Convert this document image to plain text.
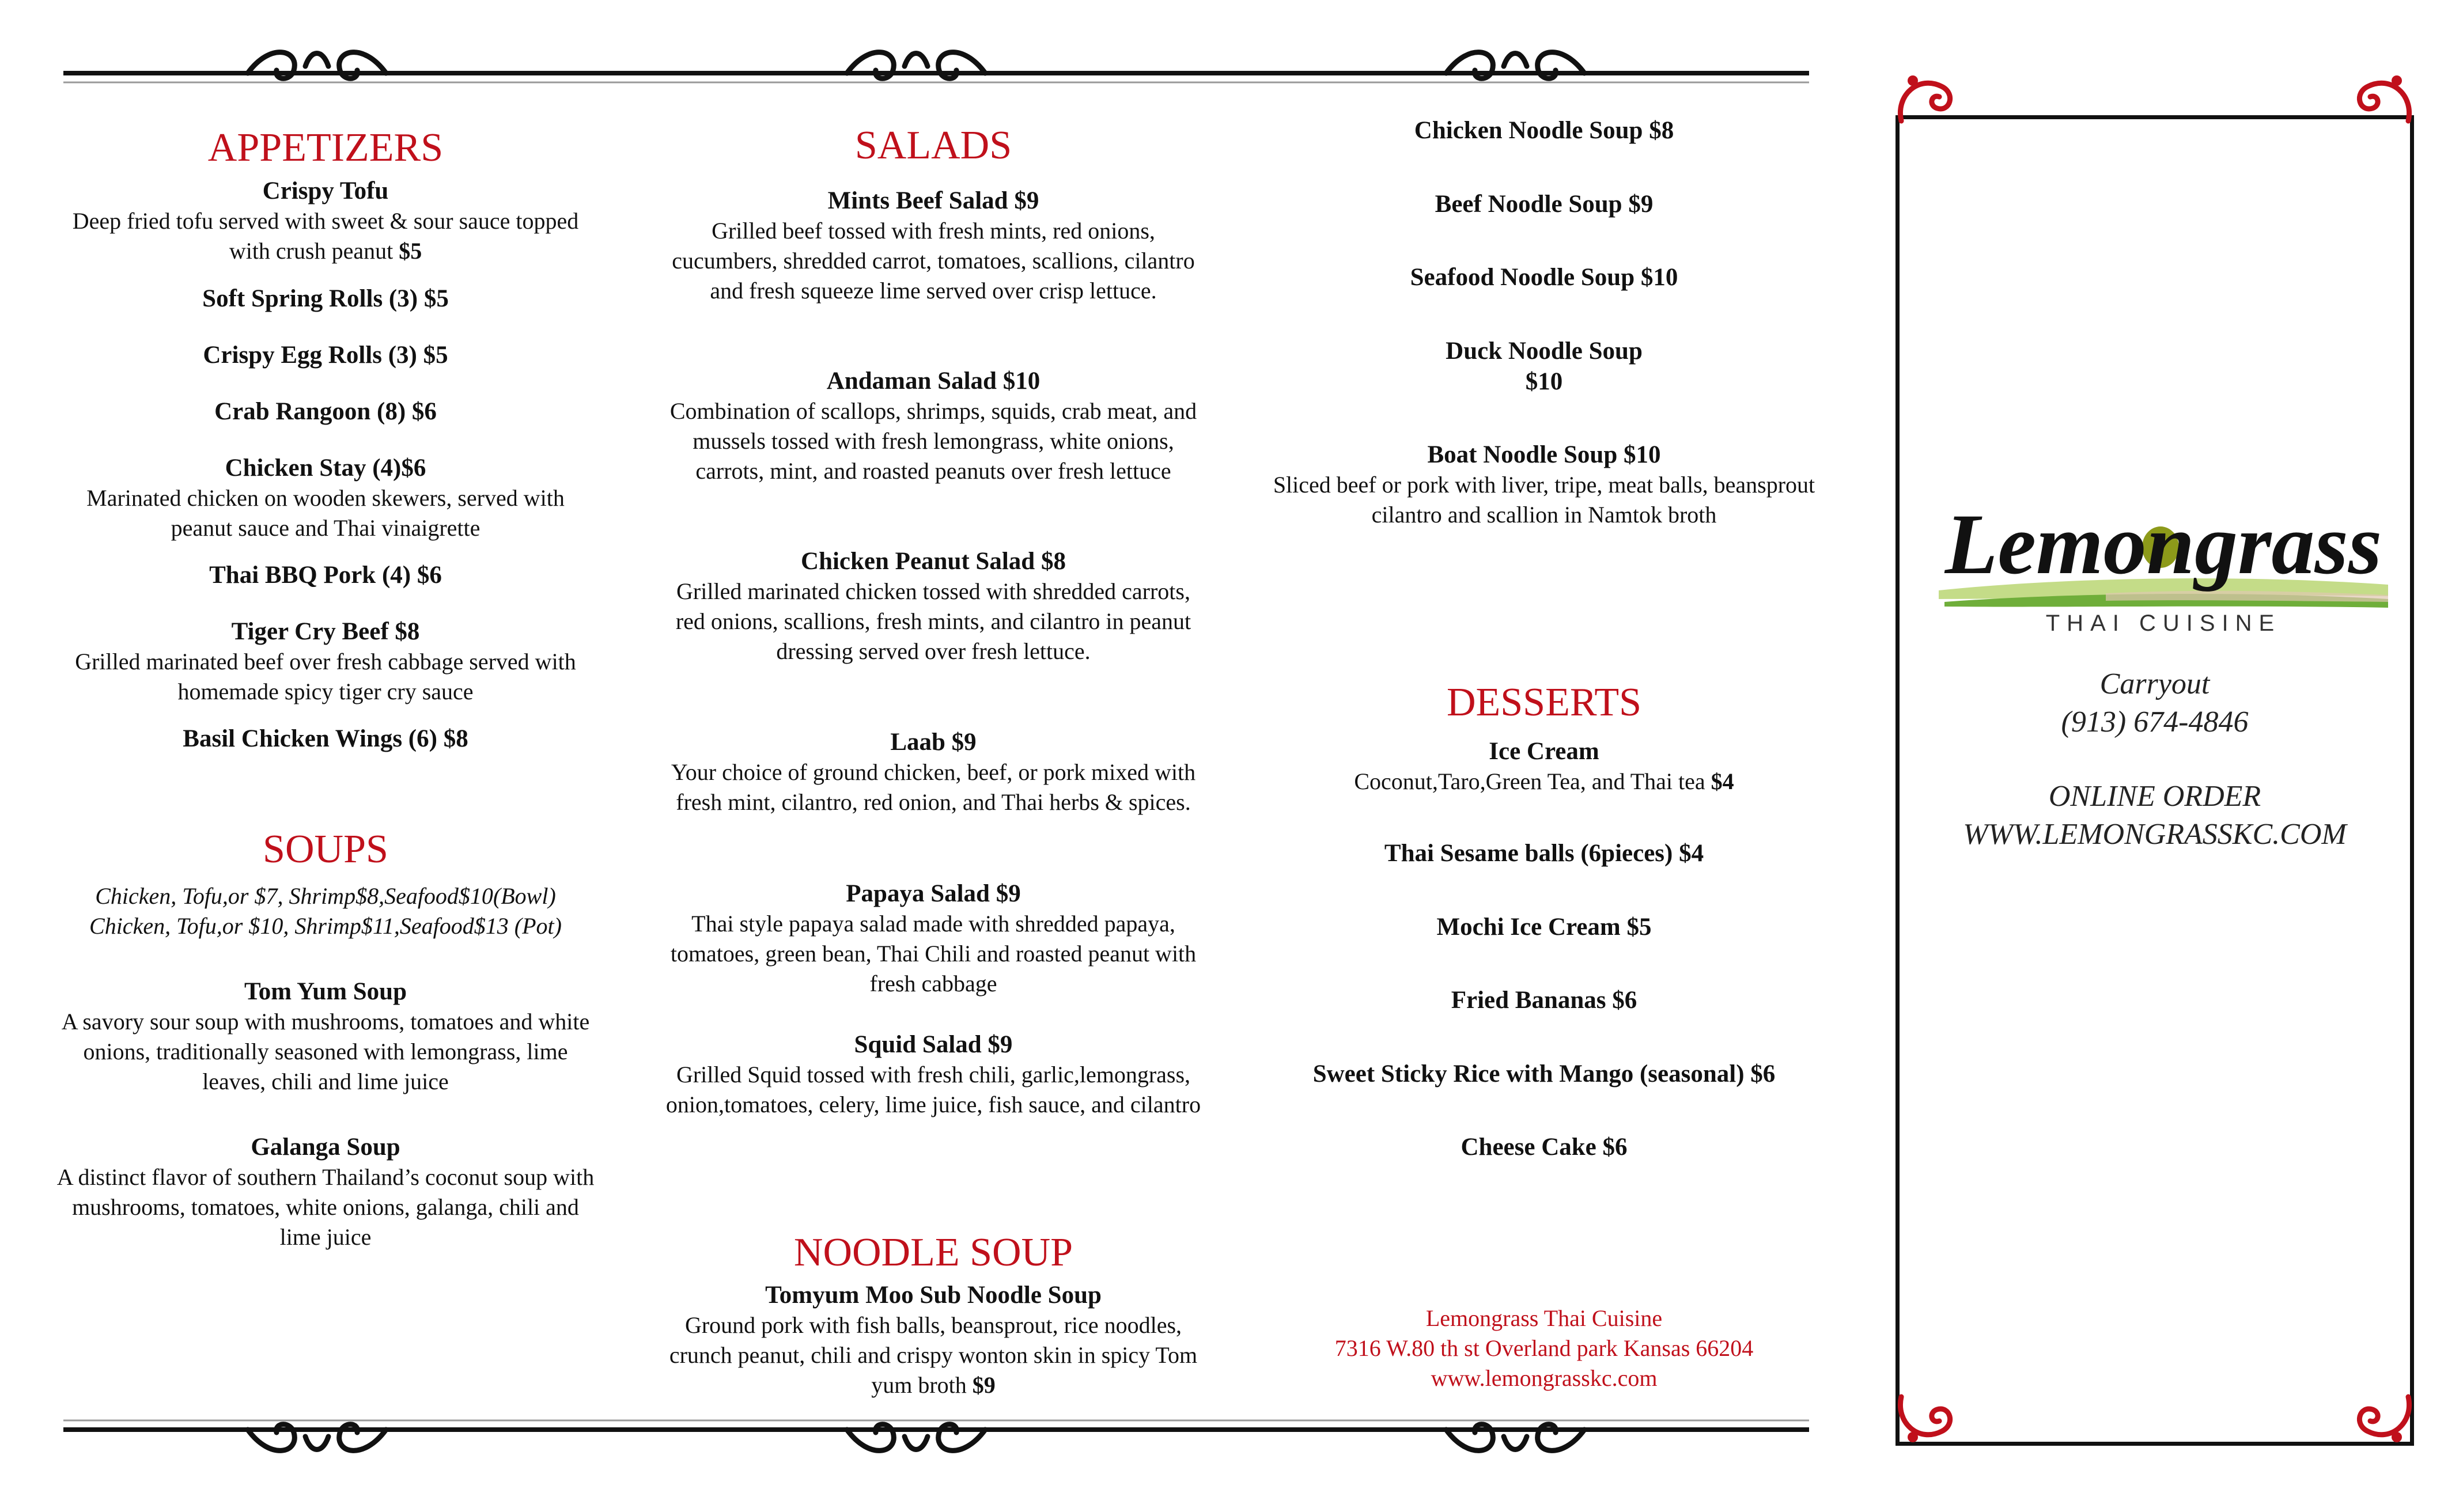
APPETIZERS
Crispy Tofu
Deep fried tofu served with sweet & sour sauce topped with crush peanut $5
Soft Spring Rolls (3) $5
Crispy Egg Rolls (3) $5
Crab Rangoon (8) $6
Chicken Stay (4)$6
Marinated chicken on wooden skewers, served with peanut sauce and Thai vinaigrette
Thai BBQ Pork (4) $6
Tiger Cry Beef $8
Grilled marinated beef over fresh cabbage served with homemade spicy tiger cry sauce
Basil Chicken Wings (6) $8
SOUPS
Chicken, Tofu,or $7, Shrimp$8,Seafood$10(Bowl)
Chicken, Tofu,or $10, Shrimp$11,Seafood$13 (Pot)
Tom Yum Soup
A savory sour soup with mushrooms, tomatoes and white onions, traditionally seasoned with lemongrass, lime leaves, chili and lime juice
Galanga Soup
A distinct flavor of southern Thailand’s coconut soup with mushrooms, tomatoes, white onions, galanga, chili and lime juice
SALADS
Mints Beef Salad $9
Grilled beef tossed with fresh mints, red onions, cucumbers, shredded carrot, tomatoes, scallions, cilantro and fresh squeeze lime served over crisp lettuce.
Andaman Salad $10
Combination of scallops, shrimps, squids, crab meat, and mussels tossed with fresh lemongrass, white onions, carrots, mint, and roasted peanuts over fresh lettuce
Chicken Peanut Salad $8
Grilled marinated chicken tossed with shredded carrots, red onions, scallions, fresh mints, and cilantro in peanut dressing served over fresh lettuce.
Laab $9
Your choice of ground chicken, beef, or pork mixed with fresh mint, cilantro, red onion, and Thai herbs & spices.
Papaya Salad $9
Thai style papaya salad made with shredded papaya, tomatoes, green bean, Thai Chili and roasted peanut with fresh cabbage
Squid Salad $9
Grilled Squid tossed with fresh chili, garlic,lemongrass, onion,tomatoes, celery, lime juice, fish sauce, and cilantro
NOODLE SOUP
Tomyum Moo Sub Noodle Soup
Ground pork with fish balls, beansprout, rice noodles, crunch peanut, chili and crispy wonton skin in spicy Tom yum broth $9
Chicken Noodle Soup $8
Beef Noodle Soup $9
Seafood Noodle Soup $10
Duck Noodle Soup
$10
Boat Noodle Soup $10
Sliced beef or pork with liver, tripe, meat balls, beansprout cilantro and scallion in Namtok broth
DESSERTS
Ice Cream
Coconut,Taro,Green Tea, and Thai tea $4
Thai Sesame balls (6pieces) $4
Mochi Ice Cream $5
Fried Bananas $6
Sweet Sticky Rice with Mango (seasonal) $6
Cheese Cake $6
Lemongrass Thai Cuisine
7316 W.80 th st Overland park Kansas 66204
www.lemongrasskc.com
Lemongrass
THAI CUISINE
Carryout
(913) 674-4846
ONLINE ORDER
WWW.LEMONGRASSKC.COM
